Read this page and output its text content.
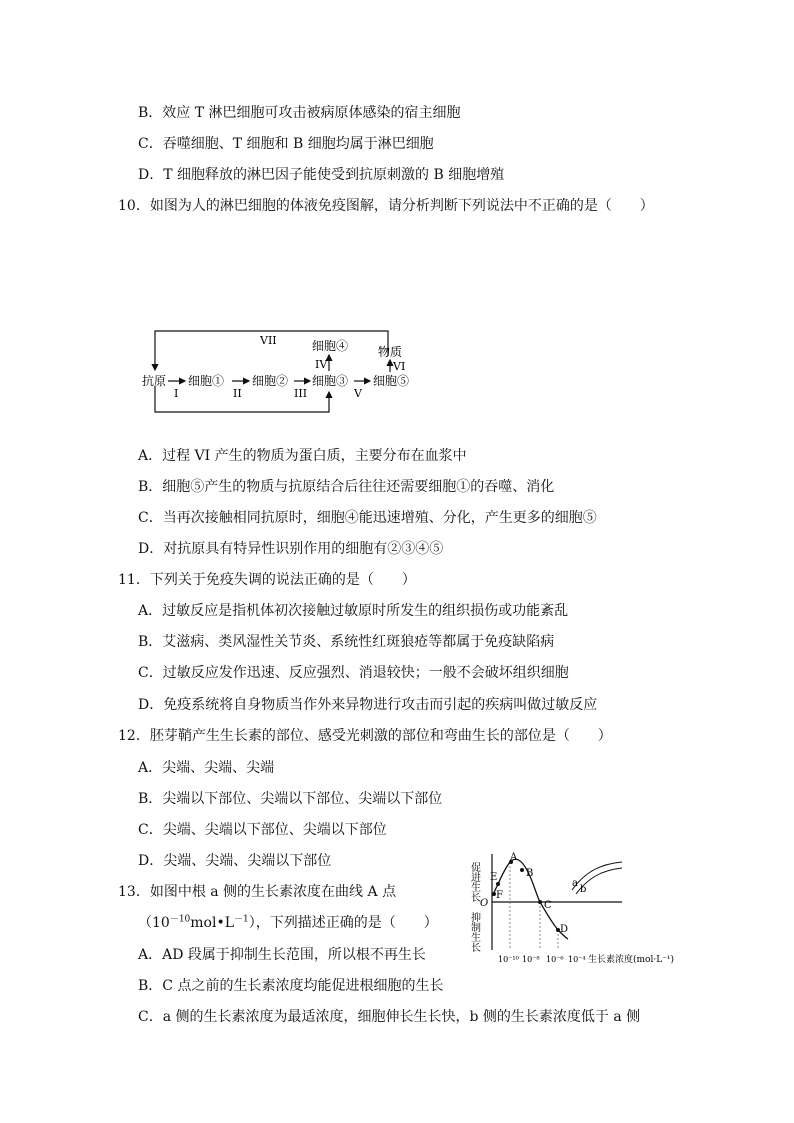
B．效应 T 淋巴细胞可攻击被病原体感染的宿主细胞
C．吞噬细胞、T 细胞和 B 细胞均属于淋巴细胞
D．T 细胞释放的淋巴因子能使受到抗原刺激的 B 细胞增殖
10．如图为人的淋巴细胞的体液免疫图解，请分析判断下列说法中不正确的是（　　）
VII
抗原
I
细胞①
II
细胞②
III
细胞③
V
细胞⑤
细胞④
IV
物质
VI
A．过程 VI 产生的物质为蛋白质，主要分布在血浆中
B．细胞⑤产生的物质与抗原结合后往往还需要细胞①的吞噬、消化
C．当再次接触相同抗原时，细胞④能迅速增殖、分化，产生更多的细胞⑤
D．对抗原具有特异性识别作用的细胞有②③④⑤
11．下列关于免疫失调的说法正确的是（　　）
A．过敏反应是指机体初次接触过敏原时所发生的组织损伤或功能紊乱
B．艾滋病、类风湿性关节炎、系统性红斑狼疮等都属于免疫缺陷病
C．过敏反应发作迅速、反应强烈、消退较快；一般不会破坏组织细胞
D．免疫系统将自身物质当作外来异物进行攻击而引起的疾病叫做过敏反应
12．胚芽鞘产生生长素的部位、感受光刺激的部位和弯曲生长的部位是（　　）
A．尖端、尖端、尖端
B．尖端以下部位、尖端以下部位、尖端以下部位
C．尖端、尖端以下部位、尖端以下部位
D．尖端、尖端、尖端以下部位
13．如图中根 a 侧的生长素浓度在曲线 A 点
$(10^{-10}mol•L^{-1})$，下列描述正确的是（　　）
A．AD 段属于抑制生长范围，所以根不再生长
B．C 点之前的生长素浓度均能促进根细胞的生长
C．a 侧的生长素浓度为最适浓度，细胞伸长生长快，b 侧的生长素浓度低于 a 侧
促进生长
O
抑制生长
A
B
C
D
E
F
a
b
10⁻¹⁰ 10⁻⁸ 10⁻⁶ 10⁻⁴ 生长素浓度(mol·L⁻¹)
